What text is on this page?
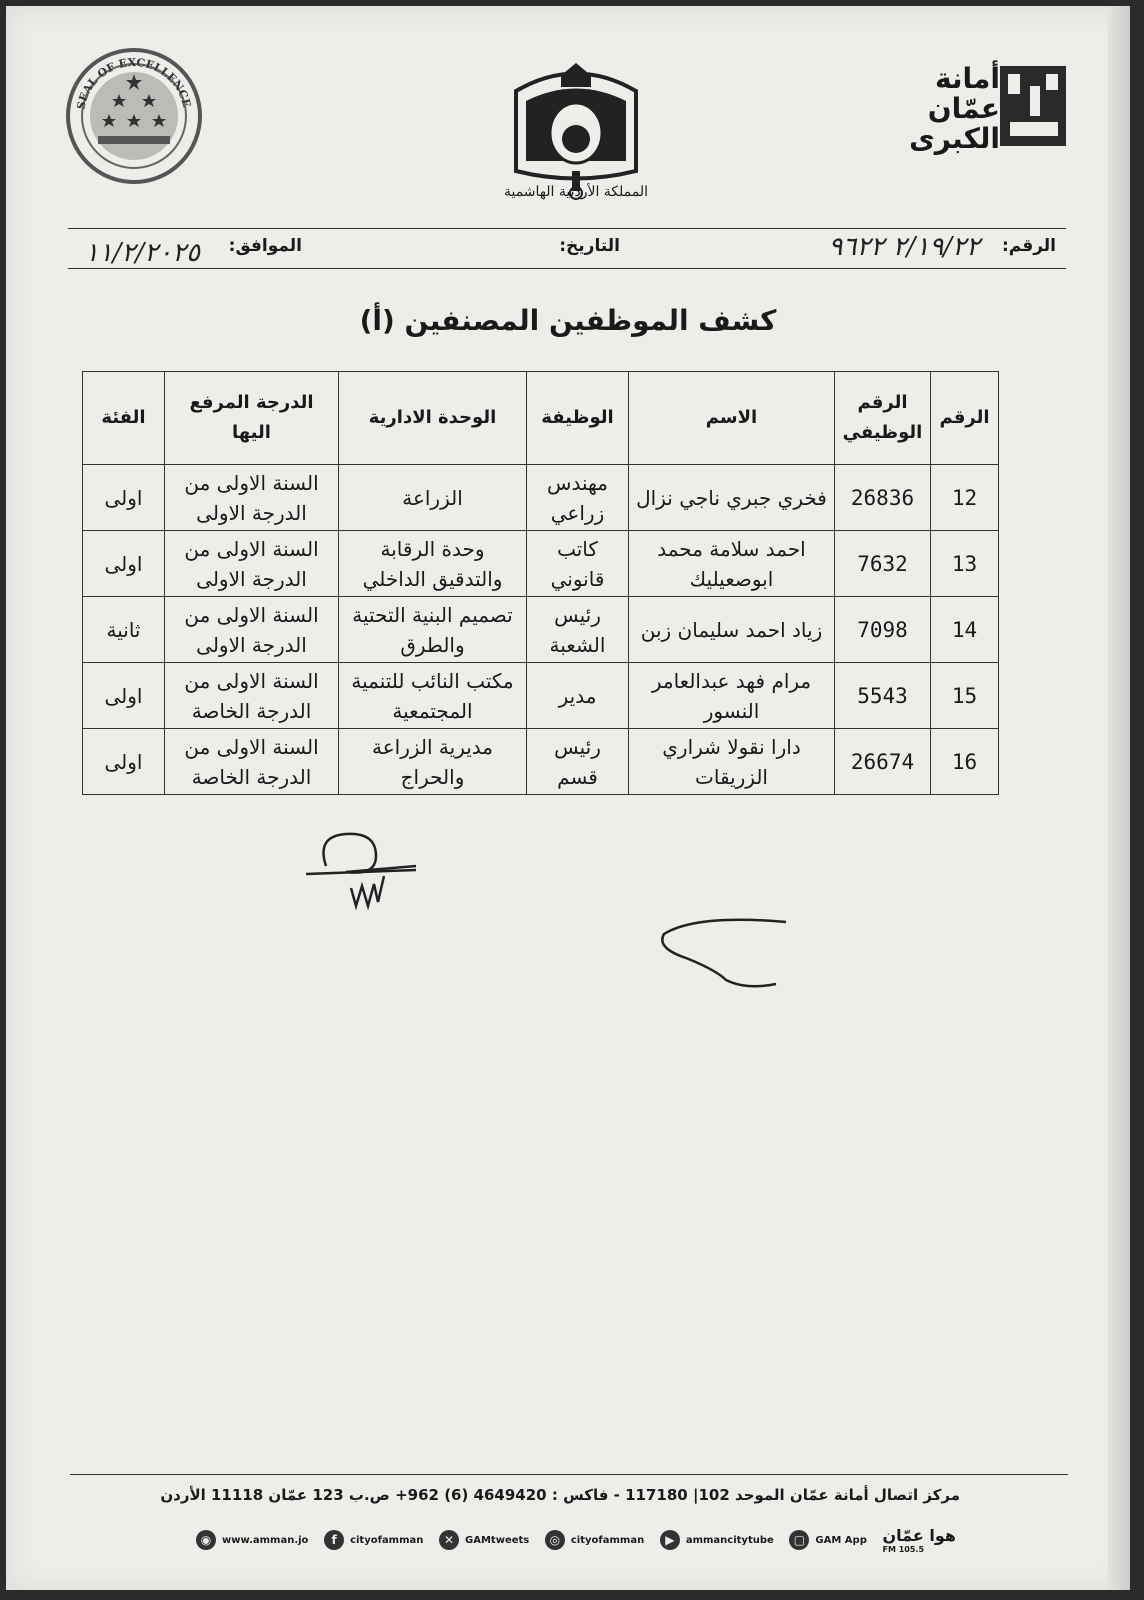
SEAL OF EXCELLENCE
المملكة الأردنية الهاشمية
أمانة
عمّان
الكبرى
الرقم:
٢/١٩/٢٢ ٩٦٢٢
التاريخ:
الموافق:
١١/٢/٢٠٢٥
كشف الموظفين المصنفين (أ)
الرقم	الرقم الوظيفي	الاسم	الوظيفة	الوحدة الادارية	الدرجة المرفع اليها	الفئة
12	26836	فخري جبري ناجي نزال	مهندس زراعي	الزراعة	السنة الاولى من الدرجة الاولى	اولى
13	7632	احمد سلامة محمد ابوصعيليك	كاتب قانوني	وحدة الرقابة والتدقيق الداخلي	السنة الاولى من الدرجة الاولى	اولى
14	7098	زياد احمد سليمان زبن	رئيس الشعبة	تصميم البنية التحتية والطرق	السنة الاولى من الدرجة الاولى	ثانية
15	5543	مرام فهد عبدالعامر النسور	مدير	مكتب النائب للتنمية المجتمعية	السنة الاولى من الدرجة الخاصة	اولى
16	26674	دارا نقولا شراري الزريقات	رئيس قسم	مديرية الزراعة والحراج	السنة الاولى من الدرجة الخاصة	اولى
مركز اتصال أمانة عمّان الموحد 102| 117180 - فاكس : 4649420 (6) 962+ ص.ب 123 عمّان 11118 الأردن
هوا عمّان
105.5 FM
▢	GAM App
▶	ammancitytube
◎	cityofamman
✕	GAMtweets
f	cityofamman
◉	www.amman.jo
